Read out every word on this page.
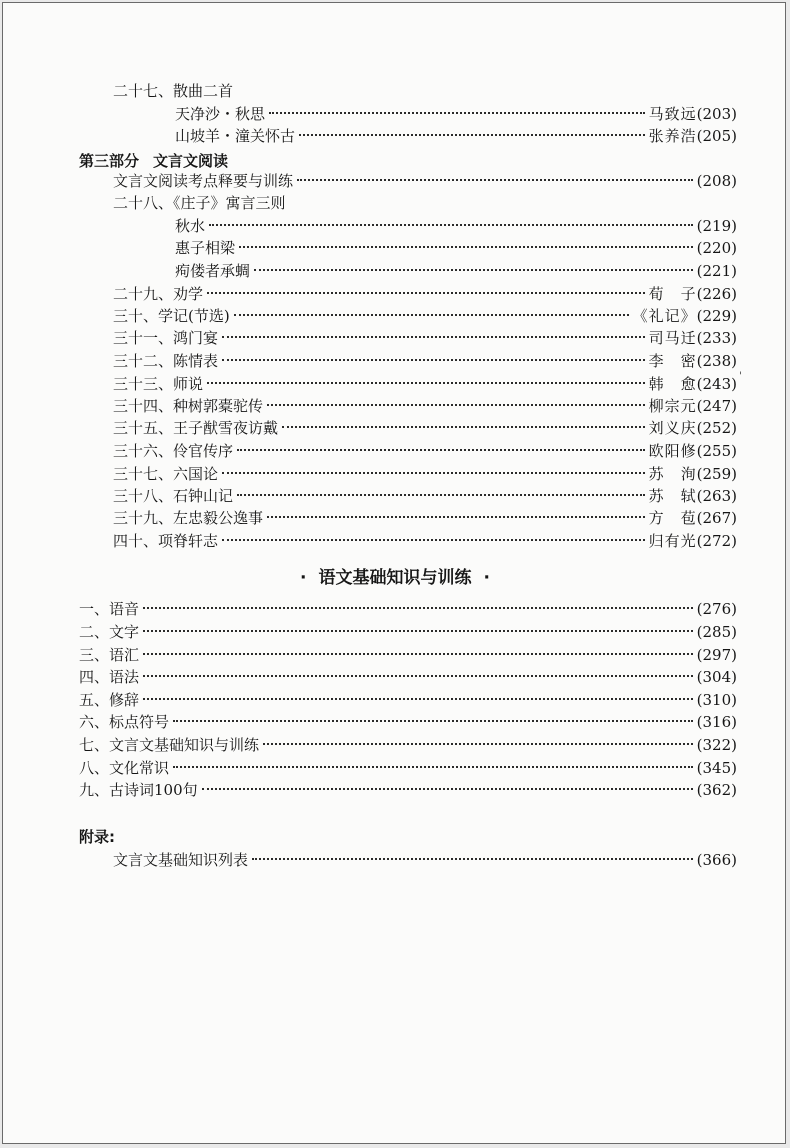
二十七、散曲二首
天净沙・秋思	马致远(203)
山坡羊・潼关怀古	张养浩(205)
文言文阅读考点释要与训练	(208)
二十八、《庄子》寓言三则
秋水	(219)
惠子相梁	(220)
痀偻者承蜩	(221)
二十九、劝学	荀　子(226)
三十、学记(节选)	《礼记》(229)
三十一、鸿门宴	司马迁(233)
三十二、陈情表	李　密(238)
三十三、师说	韩　愈(243)
三十四、种树郭橐驼传	柳宗元(247)
三十五、王子猷雪夜访戴	刘义庆(252)
三十六、伶官传序	欧阳修(255)
三十七、六国论	苏　洵(259)
三十八、石钟山记	苏　轼(263)
三十九、左忠毅公逸事	方　苞(267)
四十、项脊轩志	归有光(272)
一、语音	(276)
二、文字	(285)
三、语汇	(297)
四、语法	(304)
五、修辞	(310)
六、标点符号	(316)
七、文言文基础知识与训练	(322)
八、文化常识	(345)
九、古诗词100句	(362)
文言文基础知识列表	(366)
第三部分 文言文阅读
· 语文基础知识与训练 ·
附录:
'
